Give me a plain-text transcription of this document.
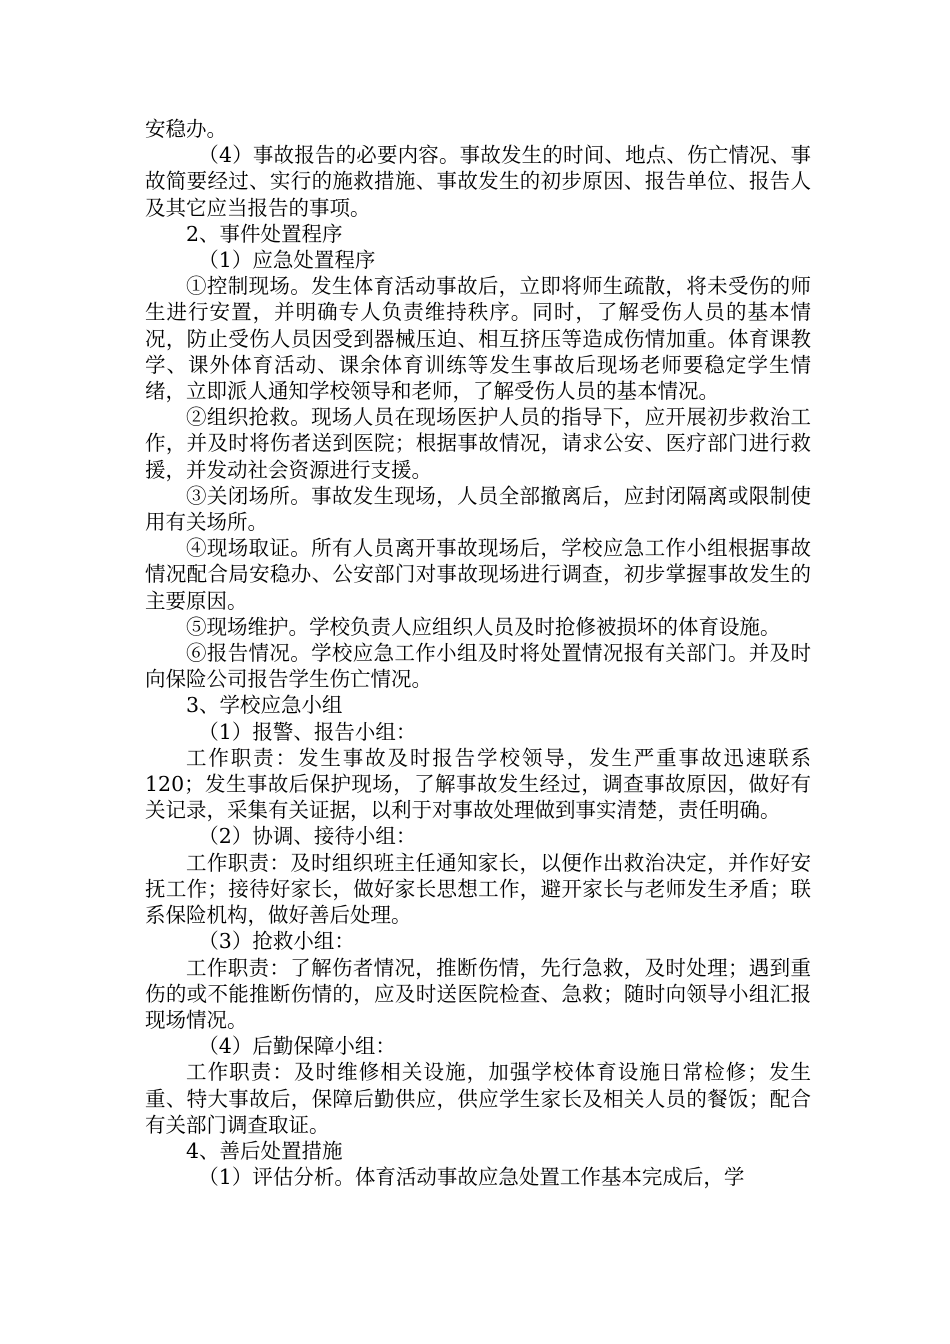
安稳办。

（4）事故报告的必要内容。事故发生的时间、地点、伤亡情况、事故简要经过、实行的施救措施、事故发生的初步原因、报告单位、报告人及其它应当报告的事项。

2、事件处置程序

（1）应急处置程序

①控制现场。发生体育活动事故后，立即将师生疏散，将未受伤的师生进行安置，并明确专人负责维持秩序。同时，了解受伤人员的基本情况，防止受伤人员因受到器械压迫、相互挤压等造成伤情加重。体育课教学、课外体育活动、课余体育训练等发生事故后现场老师要稳定学生情绪，立即派人通知学校领导和老师，了解受伤人员的基本情况。

②组织抢救。现场人员在现场医护人员的指导下，应开展初步救治工作，并及时将伤者送到医院；根据事故情况，请求公安、医疗部门进行救援，并发动社会资源进行支援。

③关闭场所。事故发生现场，人员全部撤离后，应封闭隔离或限制使用有关场所。

④现场取证。所有人员离开事故现场后，学校应急工作小组根据事故情况配合局安稳办、公安部门对事故现场进行调查，初步掌握事故发生的主要原因。

⑤现场维护。学校负责人应组织人员及时抢修被损坏的体育设施。

⑥报告情况。学校应急工作小组及时将处置情况报有关部门。并及时向保险公司报告学生伤亡情况。

3、学校应急小组

（1）报警、报告小组：

工作职责：发生事故及时报告学校领导，发生严重事故迅速联系120；发生事故后保护现场，了解事故发生经过，调查事故原因，做好有关记录，采集有关证据，以利于对事故处理做到事实清楚，责任明确。

（2）协调、接待小组：

工作职责：及时组织班主任通知家长，以便作出救治决定，并作好安抚工作；接待好家长，做好家长思想工作，避开家长与老师发生矛盾；联系保险机构，做好善后处理。

（3）抢救小组：

工作职责：了解伤者情况，推断伤情，先行急救，及时处理；遇到重伤的或不能推断伤情的，应及时送医院检查、急救；随时向领导小组汇报现场情况。

（4）后勤保障小组：

工作职责：及时维修相关设施，加强学校体育设施日常检修；发生重、特大事故后，保障后勤供应，供应学生家长及相关人员的餐饭；配合有关部门调查取证。

4、善后处置措施

（1）评估分析。体育活动事故应急处置工作基本完成后，学
